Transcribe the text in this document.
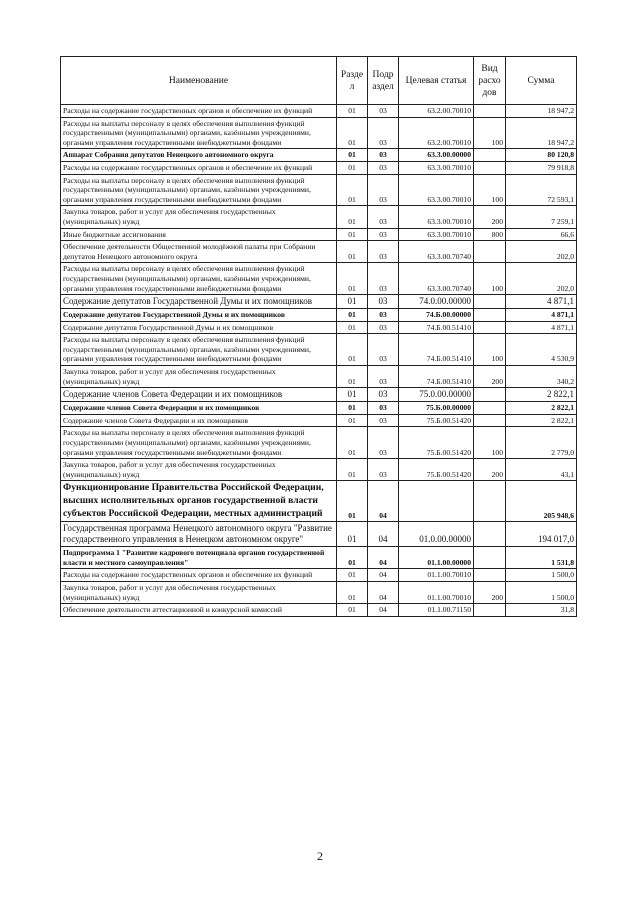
Наименование	Разде л	Подр аздел	Целевая статья	Вид расхо дов	Сумма
Расходы на содержание государственных органов и обеспечение их функций	01	03	63.2.00.70010		18 947,2
Расходы на выплаты персоналу в целях обеспечения выполнения функций государственными (муниципальными) органами, казёнными учреждениями, органами управления государственными внебюджетными фондами	01	03	63.2.00.70010	100	18 947,2
Аппарат Собрания депутатов Ненецкого автономного округа	01	03	63.3.00.00000		80 120,8
Расходы на содержание государственных органов и обеспечение их функций	01	03	63.3.00.70010		79 918,8
Расходы на выплаты персоналу в целях обеспечения выполнения функций государственными (муниципальными) органами, казёнными учреждениями, органами управления государственными внебюджетными фондами	01	03	63.3.00.70010	100	72 593,1
Закупка товаров, работ и услуг для обеспечения государственных (муниципальных) нужд	01	03	63.3.00.70010	200	7 259,1
Иные бюджетные ассигнования	01	03	63.3.00.70010	800	66,6
Обеспечение деятельности Общественной молодёжной палаты при Собрании депутатов Ненецкого автономного округа	01	03	63.3.00.70740		202,0
Расходы на выплаты персоналу в целях обеспечения выполнения функций государственными (муниципальными) органами, казёнными учреждениями, органами управления государственными внебюджетными фондами	01	03	63.3.00.70740	100	202,0
Содержание депутатов Государственной Думы и их помощников	01	03	74.0.00.00000		4 871,1
Содержание депутатов Государственной Думы и их помощников	01	03	74.Б.00.00000		4 871,1
Содержание депутатов Государственной Думы и их помощников	01	03	74.Б.00.51410		4 871,1
Расходы на выплаты персоналу в целях обеспечения выполнения функций государственными (муниципальными) органами, казёнными учреждениями, органами управления государственными внебюджетными фондами	01	03	74.Б.00.51410	100	4 530,9
Закупка товаров, работ и услуг для обеспечения государственных (муниципальных) нужд	01	03	74.Б.00.51410	200	340,2
Содержание членов Совета Федерации и их помощников	01	03	75.0.00.00000		2 822,1
Содержание членов Совета Федерации и их помощников	01	03	75.Б.00.00000		2 822,1
Содержание членов Совета Федерации и их помощников	01	03	75.Б.00.51420		2 822,1
Расходы на выплаты персоналу в целях обеспечения выполнения функций государственными (муниципальными) органами, казёнными учреждениями, органами управления государственными внебюджетными фондами	01	03	75.Б.00.51420	100	2 779,0
Закупка товаров, работ и услуг для обеспечения государственных (муниципальных) нужд	01	03	75.Б.00.51420	200	43,1
Функционирование Правительства Российской Федерации, высших исполнительных органов государственной власти субъектов Российской Федерации, местных администраций	01	04			205 948,6
Государственная программа Ненецкого автономного округа "Развитие государственного управления в Ненецком автономном округе"	01	04	01.0.00.00000		194 017,0
Подпрограмма 1 "Развитие кадрового потенциала органов государственной власти и местного самоуправления"	01	04	01.1.00.00000		1 531,8
Расходы на содержание государственных органов и обеспечение их функций	01	04	01.1.00.70010		1 500,0
Закупка товаров, работ и услуг для обеспечения государственных (муниципальных) нужд	01	04	01.1.00.70010	200	1 500,0
Обеспечение деятельности аттестационной и конкурсной комиссий	01	04	01.1.00.71150		31,8
2
